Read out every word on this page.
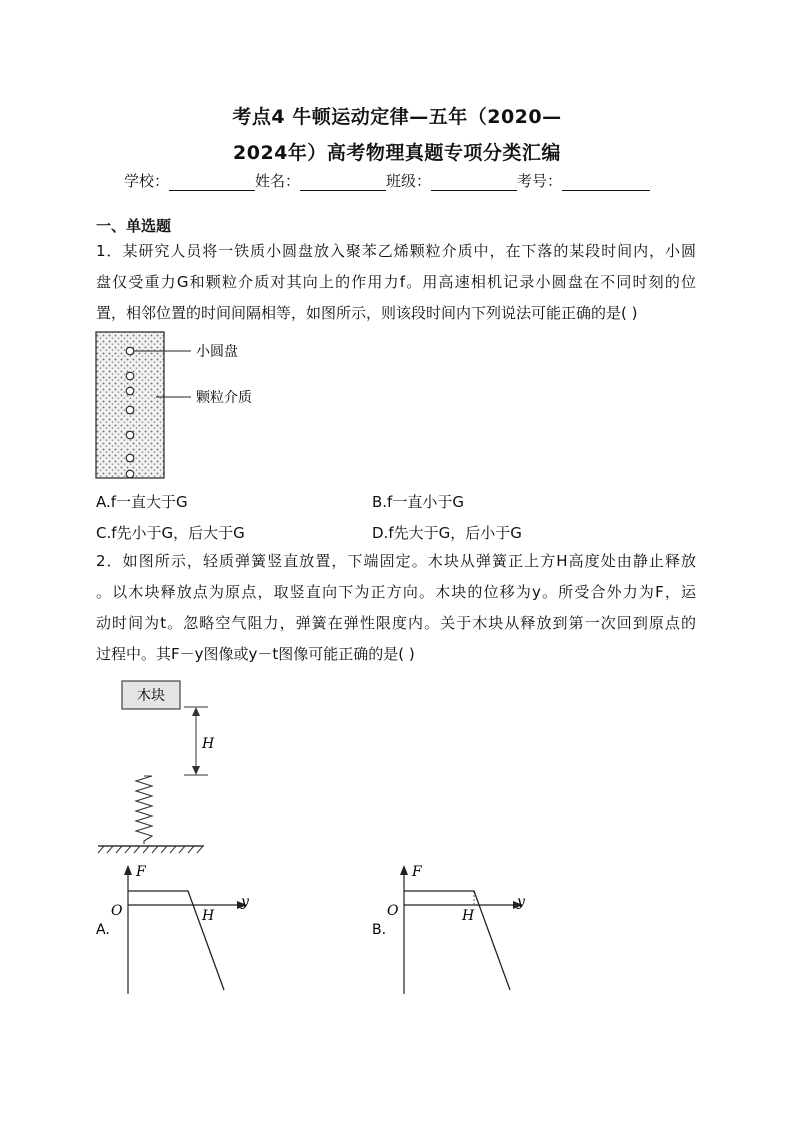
考点4 牛顿运动定律—五年（2020—
2024年）高考物理真题专项分类汇编
学校：	姓名：	班级：	考号：
一、单选题
1．某研究人员将一铁质小圆盘放入聚苯乙烯颗粒介质中，在下落的某段时间内，小圆
盘仅受重力G和颗粒介质对其向上的作用力f。用高速相机记录小圆盘在不同时刻的位
置，相邻位置的时间间隔相等，如图所示，则该段时间内下列说法可能正确的是( )
小圆盘
颗粒介质
A.f一直大于G	B.f一直小于G
C.f先小于G，后大于G	D.f先大于G，后小于G
2．如图所示，轻质弹簧竖直放置，下端固定。木块从弹簧正上方H高度处由静止释放
。以木块释放点为原点，取竖直向下为正方向。木块的位移为y。所受合外力为F，运
动时间为t。忽略空气阻力，弹簧在弹性限度内。关于木块从释放到第一次回到原点的
过程中。其F－y图像或y－t图像可能正确的是( )
木块
H
A.
F
y
O	H
B.
F
y
O	H
